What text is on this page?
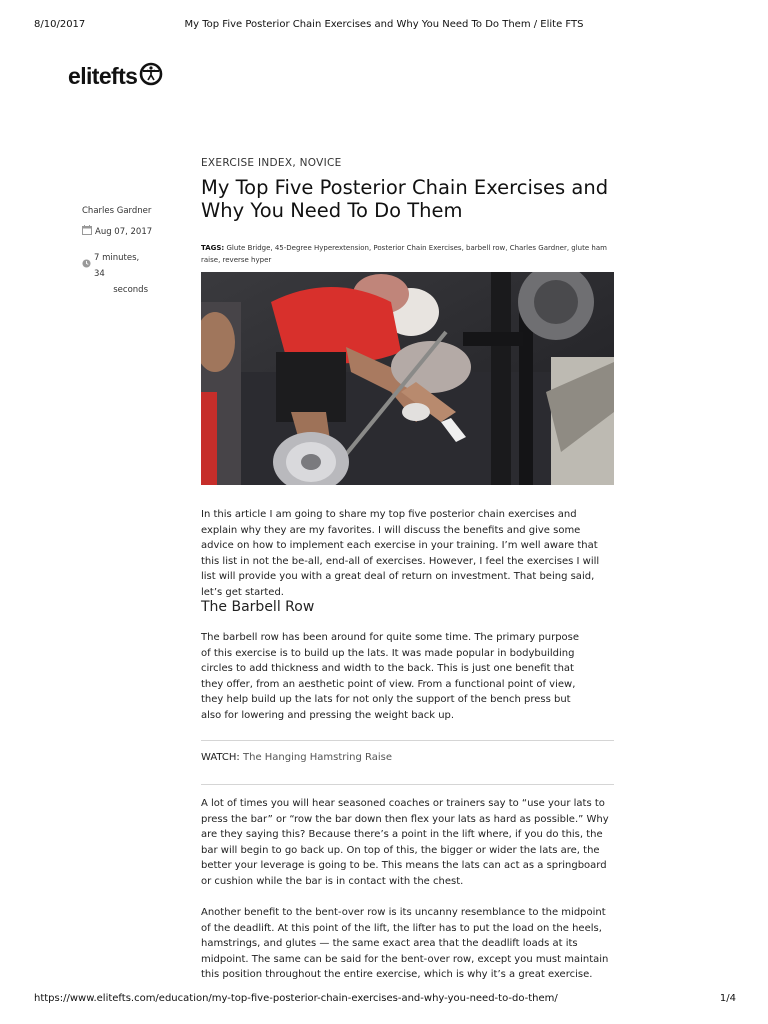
8/10/2017	My Top Five Posterior Chain Exercises and Why You Need To Do Them / Elite FTS
elitefts
EXERCISE INDEX, NOVICE
My Top Five Posterior Chain Exercises and Why You Need To Do Them
Charles Gardner
Aug 07, 2017
7 minutes, 34
seconds
TAGS: Glute Bridge, 45-Degree Hyperextension, Posterior Chain Exercises, barbell row, Charles Gardner, glute ham raise, reverse hyper

In this article I am going to share my top five posterior chain exercises and explain why they are my favorites. I will discuss the benefits and give some advice on how to implement each exercise in your training. I’m well aware that this list in not the be-all, end-all of exercises. However, I feel the exercises I will list will provide you with a great deal of return on investment. That being said, let’s get started.

The Barbell Row

The barbell row has been around for quite some time. The primary purpose of this exercise is to build up the lats. It was made popular in bodybuilding circles to add thickness and width to the back. This is just one benefit that they offer, from an aesthetic point of view. From a functional point of view, they help build up the lats for not only the support of the bench press but also for lowering and pressing the weight back up.

WATCH: The Hanging Hamstring Raise

A lot of times you will hear seasoned coaches or trainers say to “use your lats to press the bar” or “row the bar down then flex your lats as hard as possible.” Why are they saying this? Because there’s a point in the lift where, if you do this, the bar will begin to go back up. On top of this, the bigger or wider the lats are, the better your leverage is going to be. This means the lats can act as a springboard or cushion while the bar is in contact with the chest.

Another benefit to the bent-over row is its uncanny resemblance to the midpoint of the deadlift. At this point of the lift, the lifter has to put the load on the heels, hamstrings, and glutes — the same exact area that the deadlift loads at its midpoint. The same can be said for the bent-over row, except you must maintain this position throughout the entire exercise, which is why it’s a great exercise.

https://www.elitefts.com/education/my-top-five-posterior-chain-exercises-and-why-you-need-to-do-them/	1/4
